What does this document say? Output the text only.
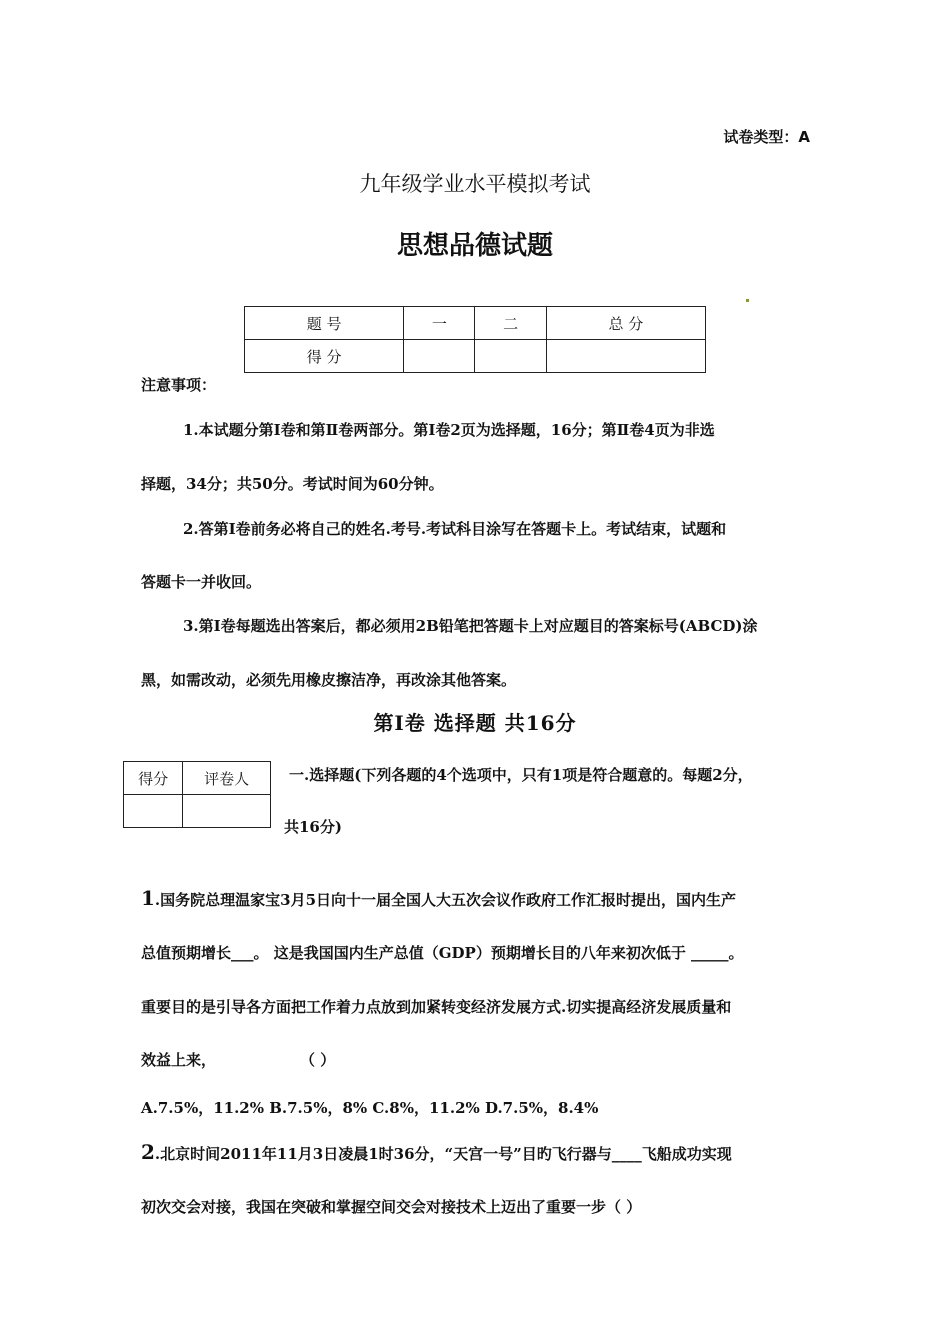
试卷类型：A
九年级学业水平模拟考试
思想品德试题
题 号	一	二	总 分
得 分			
注意事项：
1.本试题分第Ⅰ卷和第Ⅱ卷两部分。第Ⅰ卷2页为选择题，16分；第Ⅱ卷4页为非选
择题，34分；共50分。考试时间为60分钟。
2.答第Ⅰ卷前务必将自己的姓名.考号.考试科目涂写在答题卡上。考试结束，试题和
答题卡一并收回。
3.第Ⅰ卷每题选出答案后，都必须用2B铅笔把答题卡上对应题目的答案标号(ABCD)涂
黑，如需改动，必须先用橡皮擦洁净，再改涂其他答案。
第Ⅰ卷 选择题 共16分
得分	评卷人
		一.选择题(下列各题的4个选项中，只有1项是符合题意的。每题2分，
共16分)
1.国务院总理温家宝3月5日向十一届全国人大五次会议作政府工作汇报时提出，国内生产
总值预期增长___。 这是我国国内生产总值（GDP）预期增长目的八年来初次低于 _____。
重要目的是引导各方面把工作着力点放到加紧转变经济发展方式.切实提高经济发展质量和
效益上来，	（ ）
A.7.5%，11.2% B.7.5%，8% C.8%，11.2% D.7.5%，8.4%
2.北京时间2011年11月3日凌晨1时36分，“天宫一号”目旳飞行器与____飞船成功实现
初次交会对接，我国在突破和掌握空间交会对接技术上迈出了重要一步（ ）
